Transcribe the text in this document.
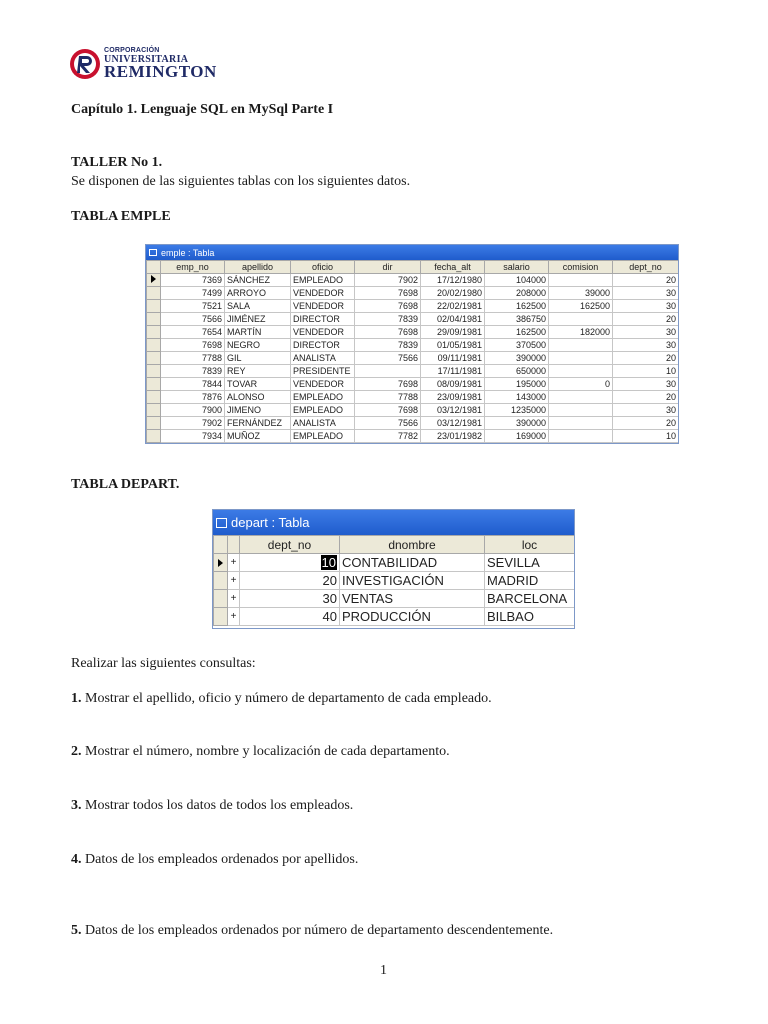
CORPORACIÓN
UNIVERSITARIA
REMINGTON
Capítulo 1. Lenguaje SQL en MySql Parte I
TALLER No 1.
Se disponen de las siguientes tablas con los siguientes datos.
TABLA EMPLE
emple : Tabla
	emp_no	apellido	oficio	dir	fecha_alt	salario	comision	dept_no
	7369	SÁNCHEZ	EMPLEADO	7902	17/12/1980	104000		20
	7499	ARROYO	VENDEDOR	7698	20/02/1980	208000	39000	30
	7521	SALA	VENDEDOR	7698	22/02/1981	162500	162500	30
	7566	JIMÉNEZ	DIRECTOR	7839	02/04/1981	386750		20
	7654	MARTÍN	VENDEDOR	7698	29/09/1981	162500	182000	30
	7698	NEGRO	DIRECTOR	7839	01/05/1981	370500		30
	7788	GIL	ANALISTA	7566	09/11/1981	390000		20
	7839	REY	PRESIDENTE		17/11/1981	650000		10
	7844	TOVAR	VENDEDOR	7698	08/09/1981	195000	0	30
	7876	ALONSO	EMPLEADO	7788	23/09/1981	143000		20
	7900	JIMENO	EMPLEADO	7698	03/12/1981	1235000		30
	7902	FERNÁNDEZ	ANALISTA	7566	03/12/1981	390000		20
	7934	MUÑOZ	EMPLEADO	7782	23/01/1982	169000		10
TABLA DEPART.
depart : Tabla
		dept_no	dnombre	loc
	+	10	CONTABILIDAD	SEVILLA
	+	20	INVESTIGACIÓN	MADRID
	+	30	VENTAS	BARCELONA
	+	40	PRODUCCIÓN	BILBAO
Realizar las siguientes consultas:
1. Mostrar el apellido, oficio y número de departamento de cada empleado.
2. Mostrar el número, nombre y localización de cada departamento.
3. Mostrar todos los datos de todos los empleados.
4. Datos de los empleados ordenados por apellidos.
5. Datos de los empleados ordenados por número de departamento descendentemente.
1
